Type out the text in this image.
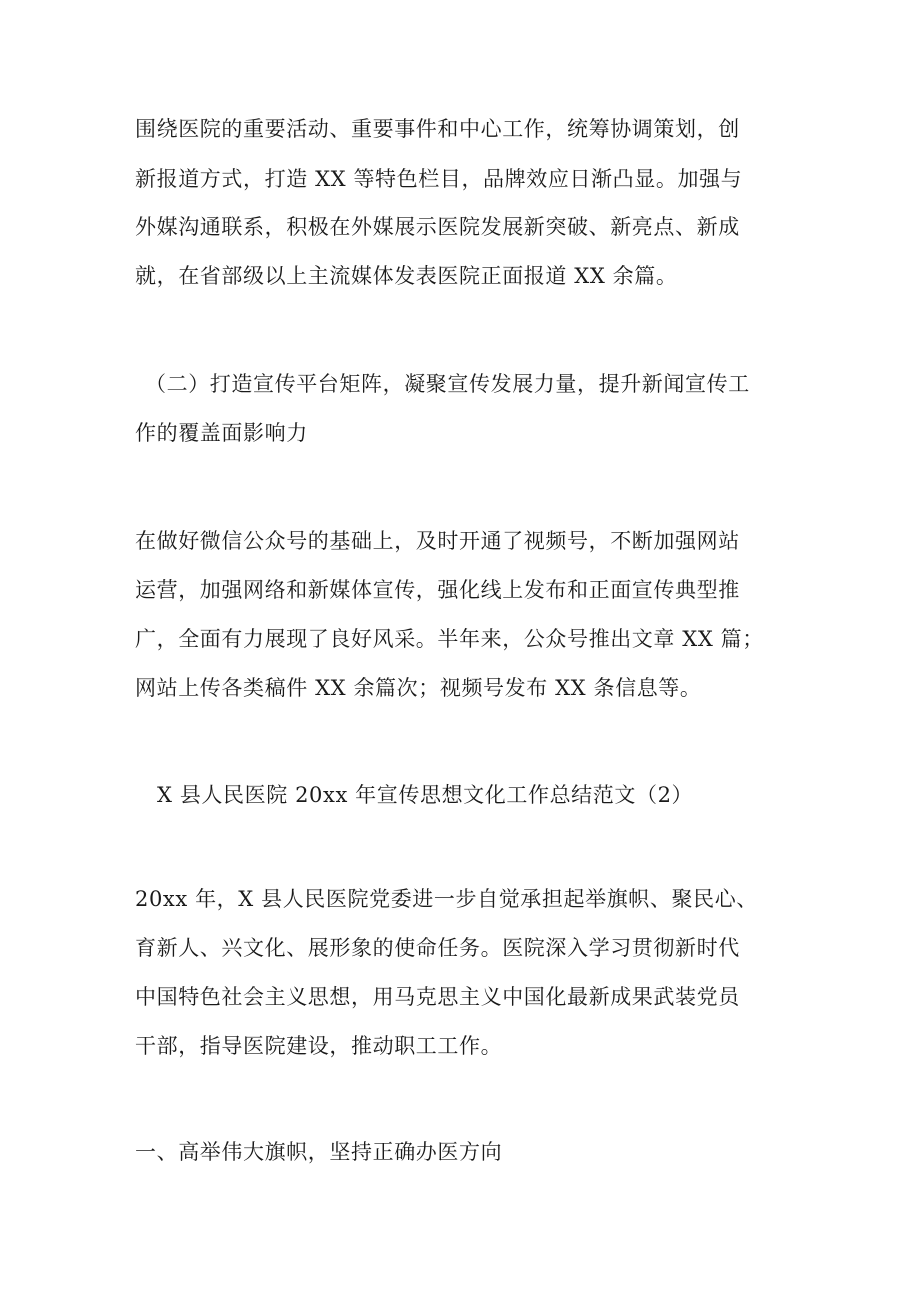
围绕医院的重要活动、重要事件和中心工作，统筹协调策划，创
新报道方式，打造 XX 等特色栏目，品牌效应日渐凸显。加强与
外媒沟通联系，积极在外媒展示医院发展新突破、新亮点、新成
就，在省部级以上主流媒体发表医院正面报道 XX 余篇。
（二）打造宣传平台矩阵，凝聚宣传发展力量，提升新闻宣传工
作的覆盖面影响力
在做好微信公众号的基础上，及时开通了视频号，不断加强网站
运营，加强网络和新媒体宣传，强化线上发布和正面宣传典型推
广，全面有力展现了良好风采。半年来，公众号推出文章 XX 篇；
网站上传各类稿件 XX 余篇次；视频号发布 XX 条信息等。
X 县人民医院 20xx 年宣传思想文化工作总结范文（2）
20xx 年，X 县人民医院党委进一步自觉承担起举旗帜、聚民心、
育新人、兴文化、展形象的使命任务。医院深入学习贯彻新时代
中国特色社会主义思想，用马克思主义中国化最新成果武装党员
干部，指导医院建设，推动职工工作。
一、高举伟大旗帜，坚持正确办医方向
